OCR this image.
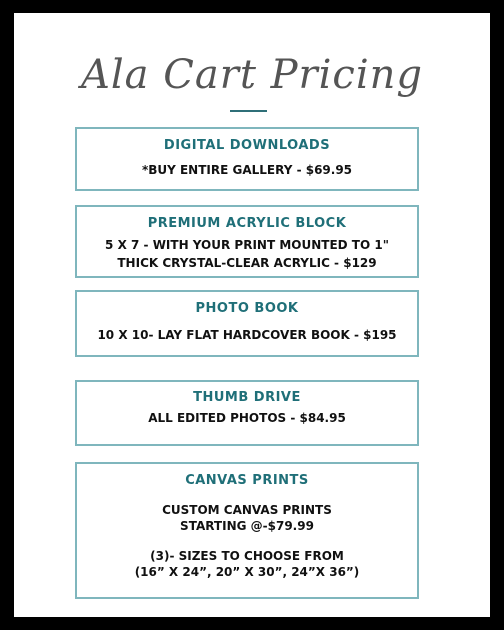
Ala Cart Pricing
DIGITAL DOWNLOADS
*BUY ENTIRE GALLERY - $69.95
PREMIUM ACRYLIC BLOCK
5 X 7 - WITH YOUR PRINT MOUNTED TO 1"
THICK CRYSTAL-CLEAR ACRYLIC - $129
PHOTO BOOK
10 X 10- LAY FLAT HARDCOVER BOOK - $195
THUMB DRIVE
ALL EDITED PHOTOS - $84.95
CANVAS PRINTS
CUSTOM CANVAS PRINTS
STARTING @-$79.99
(3)- SIZES TO CHOOSE FROM
(16” X 24”, 20” X 30”, 24”X 36”)
